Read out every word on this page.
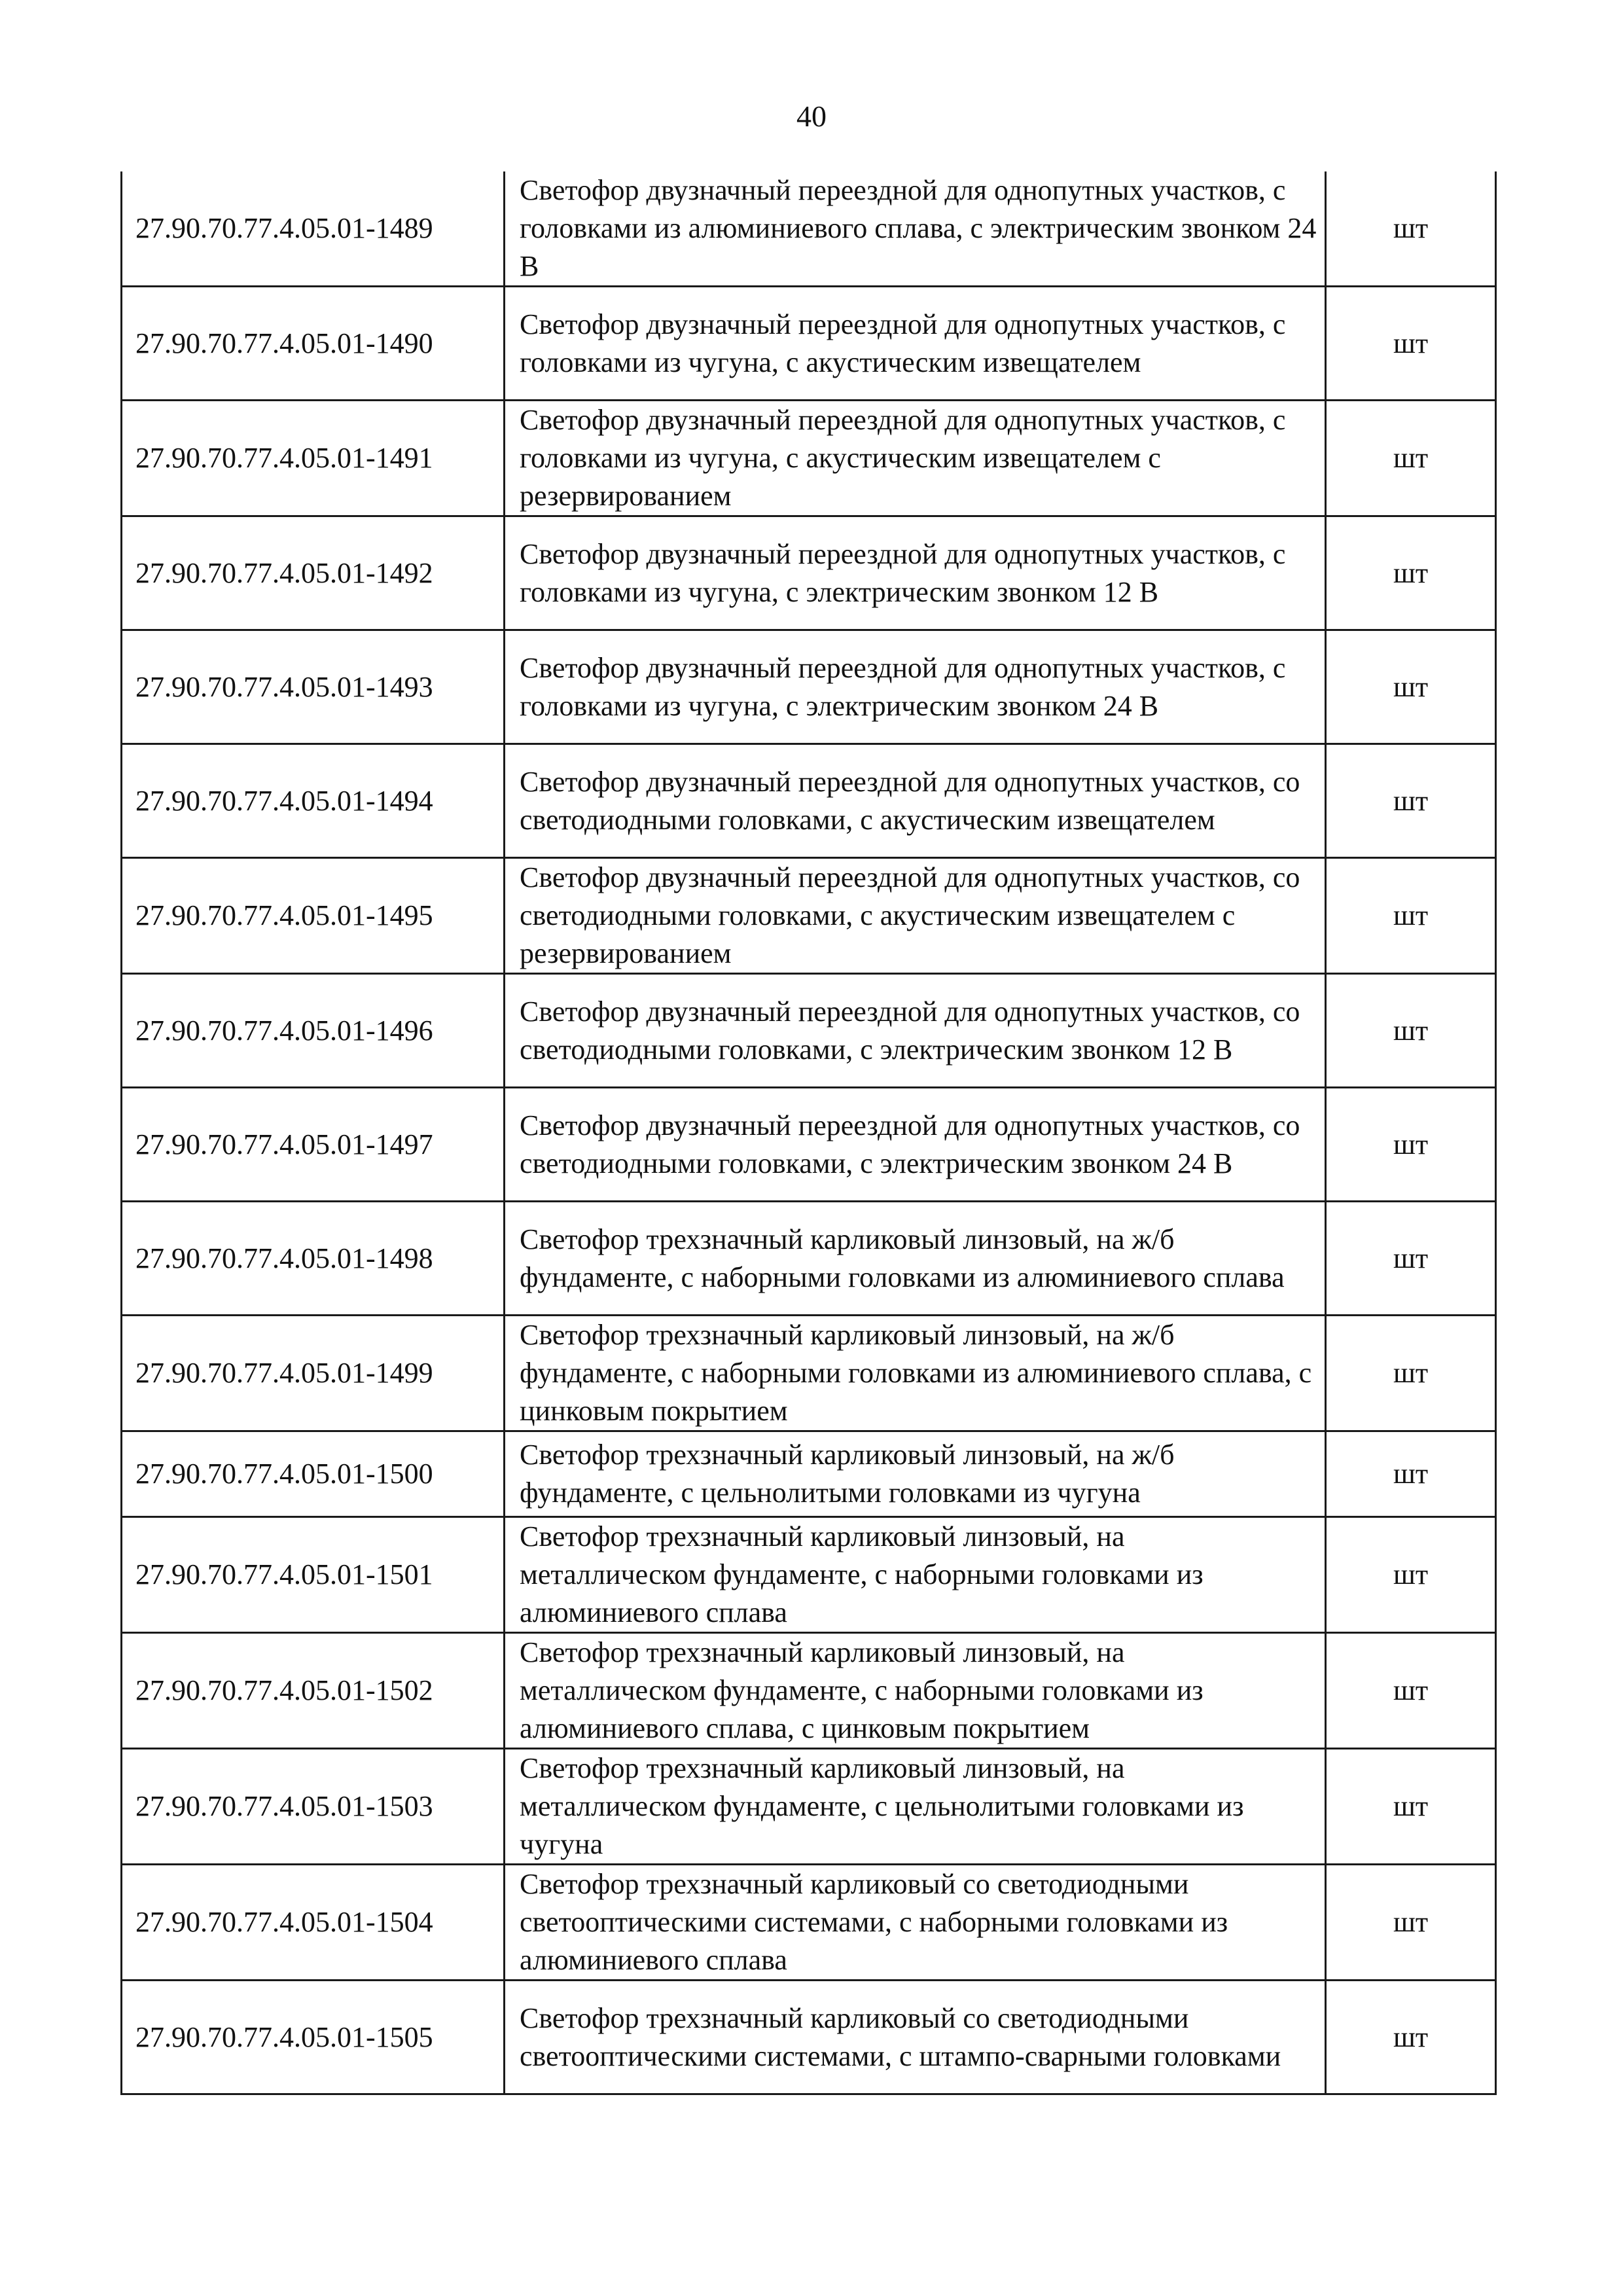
40
27.90.70.77.4.05.01-1489	Светофор двузначный переездной для однопутных участков, с головками из алюминиевого сплава, с электрическим звонком 24 В	шт
27.90.70.77.4.05.01-1490	Светофор двузначный переездной для однопутных участков, с головками из чугуна, с акустическим извещателем	шт
27.90.70.77.4.05.01-1491	Светофор двузначный переездной для однопутных участков, с головками из чугуна, с акустическим извещателем с резервированием	шт
27.90.70.77.4.05.01-1492	Светофор двузначный переездной для однопутных участков, с головками из чугуна, с электрическим звонком 12 В	шт
27.90.70.77.4.05.01-1493	Светофор двузначный переездной для однопутных участков, с головками из чугуна, с электрическим звонком 24 В	шт
27.90.70.77.4.05.01-1494	Светофор двузначный переездной для однопутных участков, со светодиодными головками, с акустическим извещателем	шт
27.90.70.77.4.05.01-1495	Светофор двузначный переездной для однопутных участков, со светодиодными головками, с акустическим извещателем с резервированием	шт
27.90.70.77.4.05.01-1496	Светофор двузначный переездной для однопутных участков, со светодиодными головками, с электрическим звонком 12 В	шт
27.90.70.77.4.05.01-1497	Светофор двузначный переездной для однопутных участков, со светодиодными головками, с электрическим звонком 24 В	шт
27.90.70.77.4.05.01-1498	Светофор трехзначный карликовый линзовый, на ж/б фундаменте, с наборными головками из алюминиевого сплава	шт
27.90.70.77.4.05.01-1499	Светофор трехзначный карликовый линзовый, на ж/б фундаменте, с наборными головками из алюминиевого сплава, с цинковым покрытием	шт
27.90.70.77.4.05.01-1500	Светофор трехзначный карликовый линзовый, на ж/б фундаменте, с цельнолитыми головками из чугуна	шт
27.90.70.77.4.05.01-1501	Светофор трехзначный карликовый линзовый, на металлическом фундаменте, с наборными головками из алюминиевого сплава	шт
27.90.70.77.4.05.01-1502	Светофор трехзначный карликовый линзовый, на металлическом фундаменте, с наборными головками из алюминиевого сплава, с цинковым покрытием	шт
27.90.70.77.4.05.01-1503	Светофор трехзначный карликовый линзовый, на металлическом фундаменте, с цельнолитыми головками из чугуна	шт
27.90.70.77.4.05.01-1504	Светофор трехзначный карликовый со светодиодными светооптическими системами, с наборными головками из алюминиевого сплава	шт
27.90.70.77.4.05.01-1505	Светофор трехзначный карликовый со светодиодными светооптическими системами, с штампо-сварными головками	шт
